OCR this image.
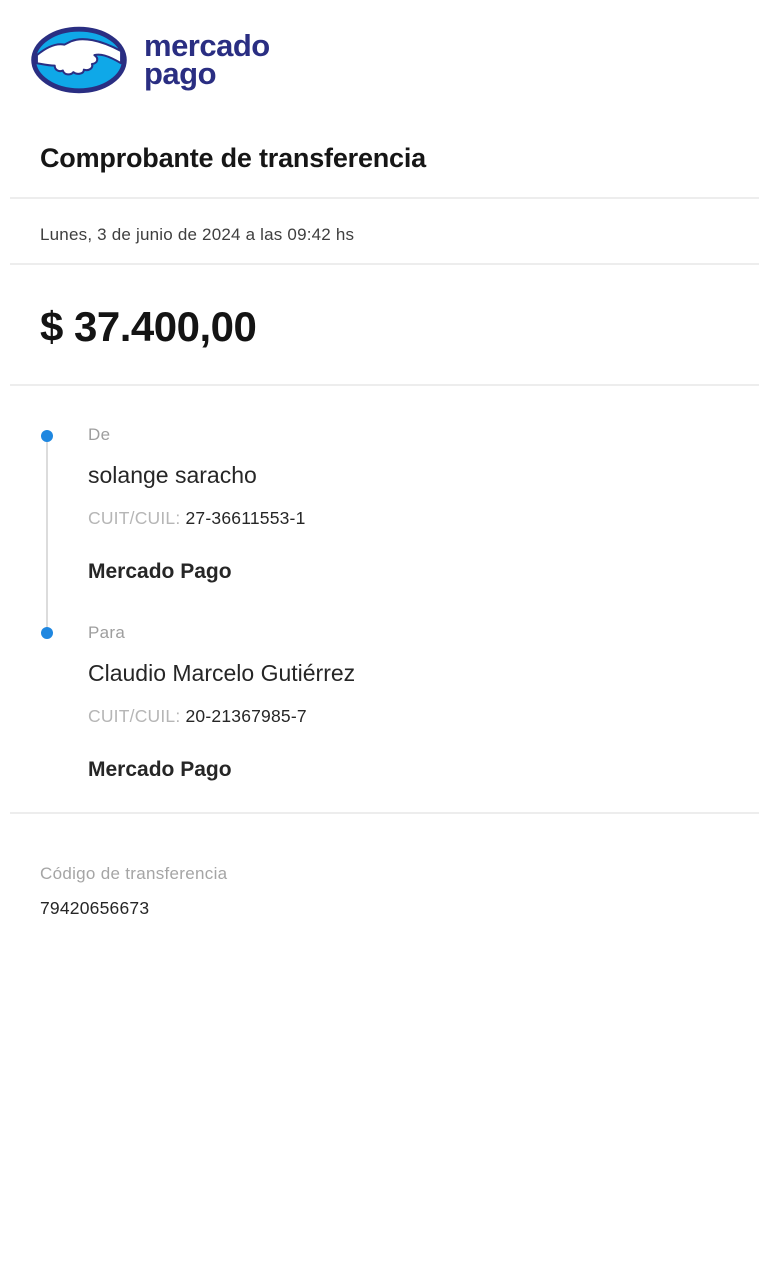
mercado
pago
Comprobante de transferencia
Lunes, 3 de junio de 2024 a las 09:42 hs
$ 37.400,00
De
solange saracho
CUIT/CUIL: 27-36611553-1
Mercado Pago
Para
Claudio Marcelo Gutiérrez
CUIT/CUIL: 20-21367985-7
Mercado Pago
Código de transferencia
79420656673
